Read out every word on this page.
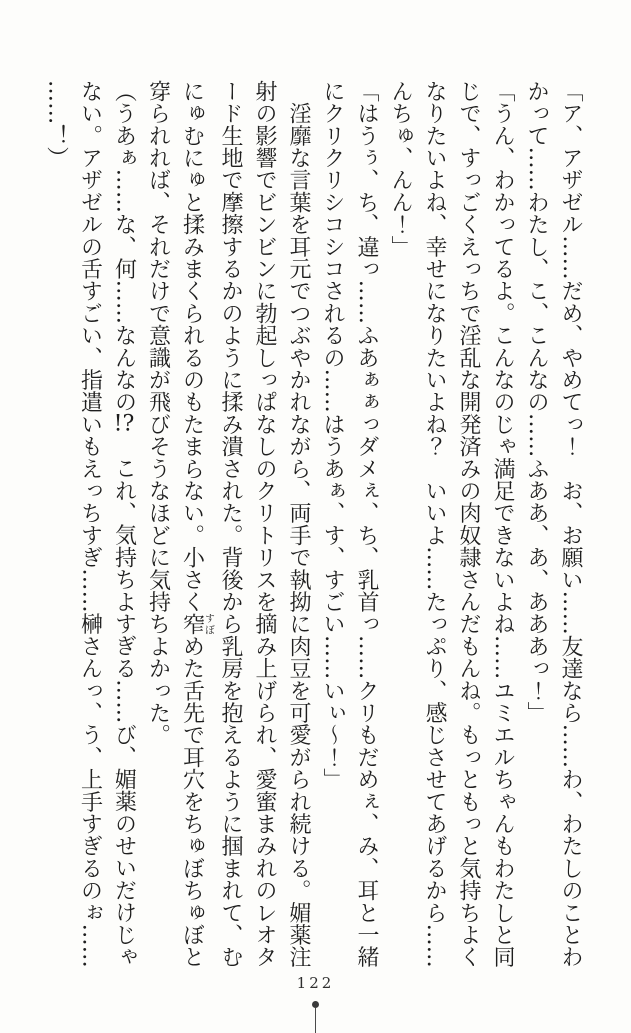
「ア、アザゼル……だめ、やめてっ！　お、お願い……友達なら……わ、わたしのことわ

かって……わたし、こ、こんなの……ふああ、あ、あああっ！」

「うん、わかってるよ。こんなのじゃ満足できないよね……ユミエルちゃんもわたしと同

じで、すっごくえっちで淫乱な開発済みの肉奴隷さんだもんね。もっともっと気持ちよく

なりたいよね、幸せになりたいよね？　いいよ……たっぷり、感じさせてあげるから……

んちゅ、んん！」

「はうぅ、ち、違っ……ふあぁぁっダメぇ、ち、乳首っ……クリもだめぇ、み、耳と一緒

にクリクリシコシコされるの……はうあぁ、す、すごい……いぃ～！」

　淫靡な言葉を耳元でつぶやかれながら、両手で執拗に肉豆を可愛がられ続ける。媚薬注

射の影響でビンビンに勃起しっぱなしのクリトリスを摘み上げられ、愛蜜まみれのレオタ

ード生地で摩擦するかのように揉み潰された。背後から乳房を抱えるように掴まれて、む

にゅむにゅと揉みまくられるのもたまらない。小さく窄すぼめた舌先で耳穴をちゅぼちゅぼと

穿られれば、それだけで意識が飛びそうなほどに気持ちよかった。

（うあぁ……な、何……なんなの!?　これ、気持ちよすぎる……び、媚薬のせいだけじゃ

ない。アザゼルの舌すごい、指遣いもえっちすぎ……榊さんっ、う、上手すぎるのぉ……

……！）

122
